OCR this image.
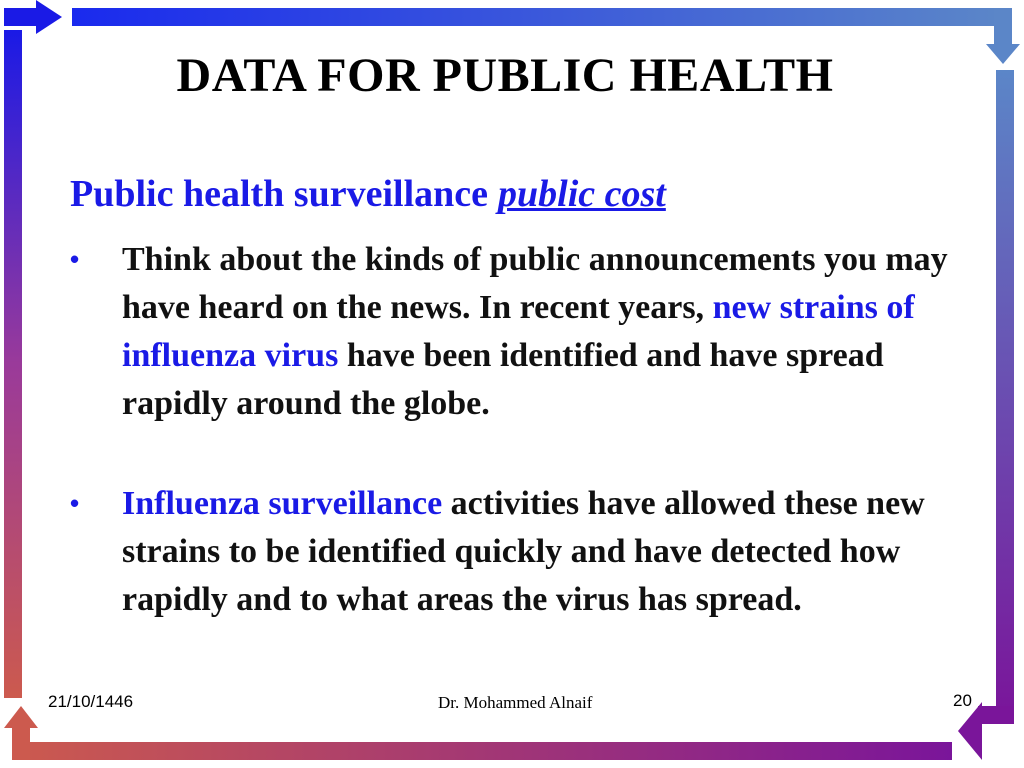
DATA FOR PUBLIC HEALTH
Public health surveillance public cost
• Think about the kinds of public announcements you may have heard on the news. In recent years, new strains of influenza virus have been identified and have spread rapidly around the globe.
• Influenza surveillance activities have allowed these new strains to be identified quickly and have detected how rapidly and to what areas the virus has spread.
21/10/1446	Dr. Mohammed Alnaif	20
